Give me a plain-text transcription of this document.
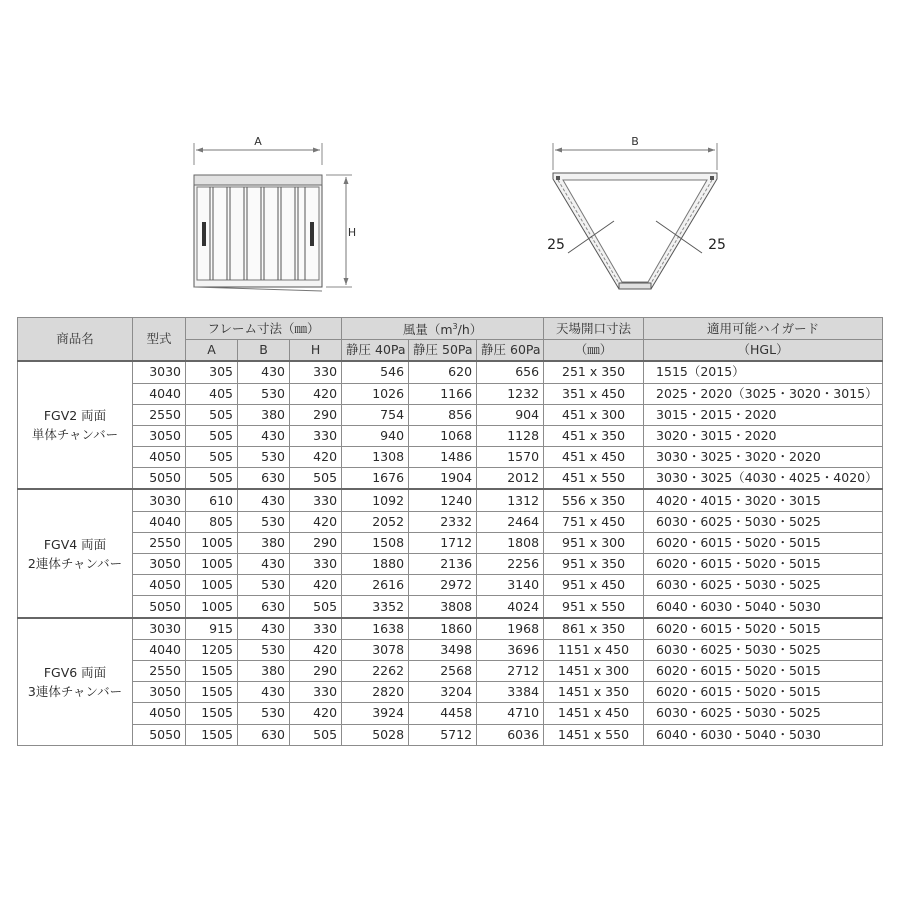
A
H
B
25	25
商品名	型式	フレーム寸法（㎜）			風量$(m^3/h)$			天場開口寸法	適用可能ハイガード
		A	B	H	静圧 40Pa	静圧 50Pa	静圧 60Pa	（㎜）	（HGL）

FGV2 両面
単体チャンバー	3030	305	430	330	546	620	656	251 x 350	1515（2015）
	4040	405	530	420	1026	1166	1232	351 x 450	2025・2020（3025・3020・3015）
	2550	505	380	290	754	856	904	451 x 300	3015・2015・2020
	3050	505	430	330	940	1068	1128	451 x 350	3020・3015・2020
	4050	505	530	420	1308	1486	1570	451 x 450	3030・3025・3020・2020
	5050	505	630	505	1676	1904	2012	451 x 550	3030・3025（4030・4025・4020）

FGV4 両面
2連体チャンバー	3030	610	430	330	1092	1240	1312	556 x 350	4020・4015・3020・3015
	4040	805	530	420	2052	2332	2464	751 x 450	6030・6025・5030・5025
	2550	1005	380	290	1508	1712	1808	951 x 300	6020・6015・5020・5015
	3050	1005	430	330	1880	2136	2256	951 x 350	6020・6015・5020・5015
	4050	1005	530	420	2616	2972	3140	951 x 450	6030・6025・5030・5025
	5050	1005	630	505	3352	3808	4024	951 x 550	6040・6030・5040・5030

FGV6 両面
3連体チャンバー	3030	915	430	330	1638	1860	1968	861 x 350	6020・6015・5020・5015
	4040	1205	530	420	3078	3498	3696	1151 x 450	6030・6025・5030・5025
	2550	1505	380	290	2262	2568	2712	1451 x 300	6020・6015・5020・5015
	3050	1505	430	330	2820	3204	3384	1451 x 350	6020・6015・5020・5015
	4050	1505	530	420	3924	4458	4710	1451 x 450	6030・6025・5030・5025
	5050	1505	630	505	5028	5712	6036	1451 x 550	6040・6030・5040・5030
